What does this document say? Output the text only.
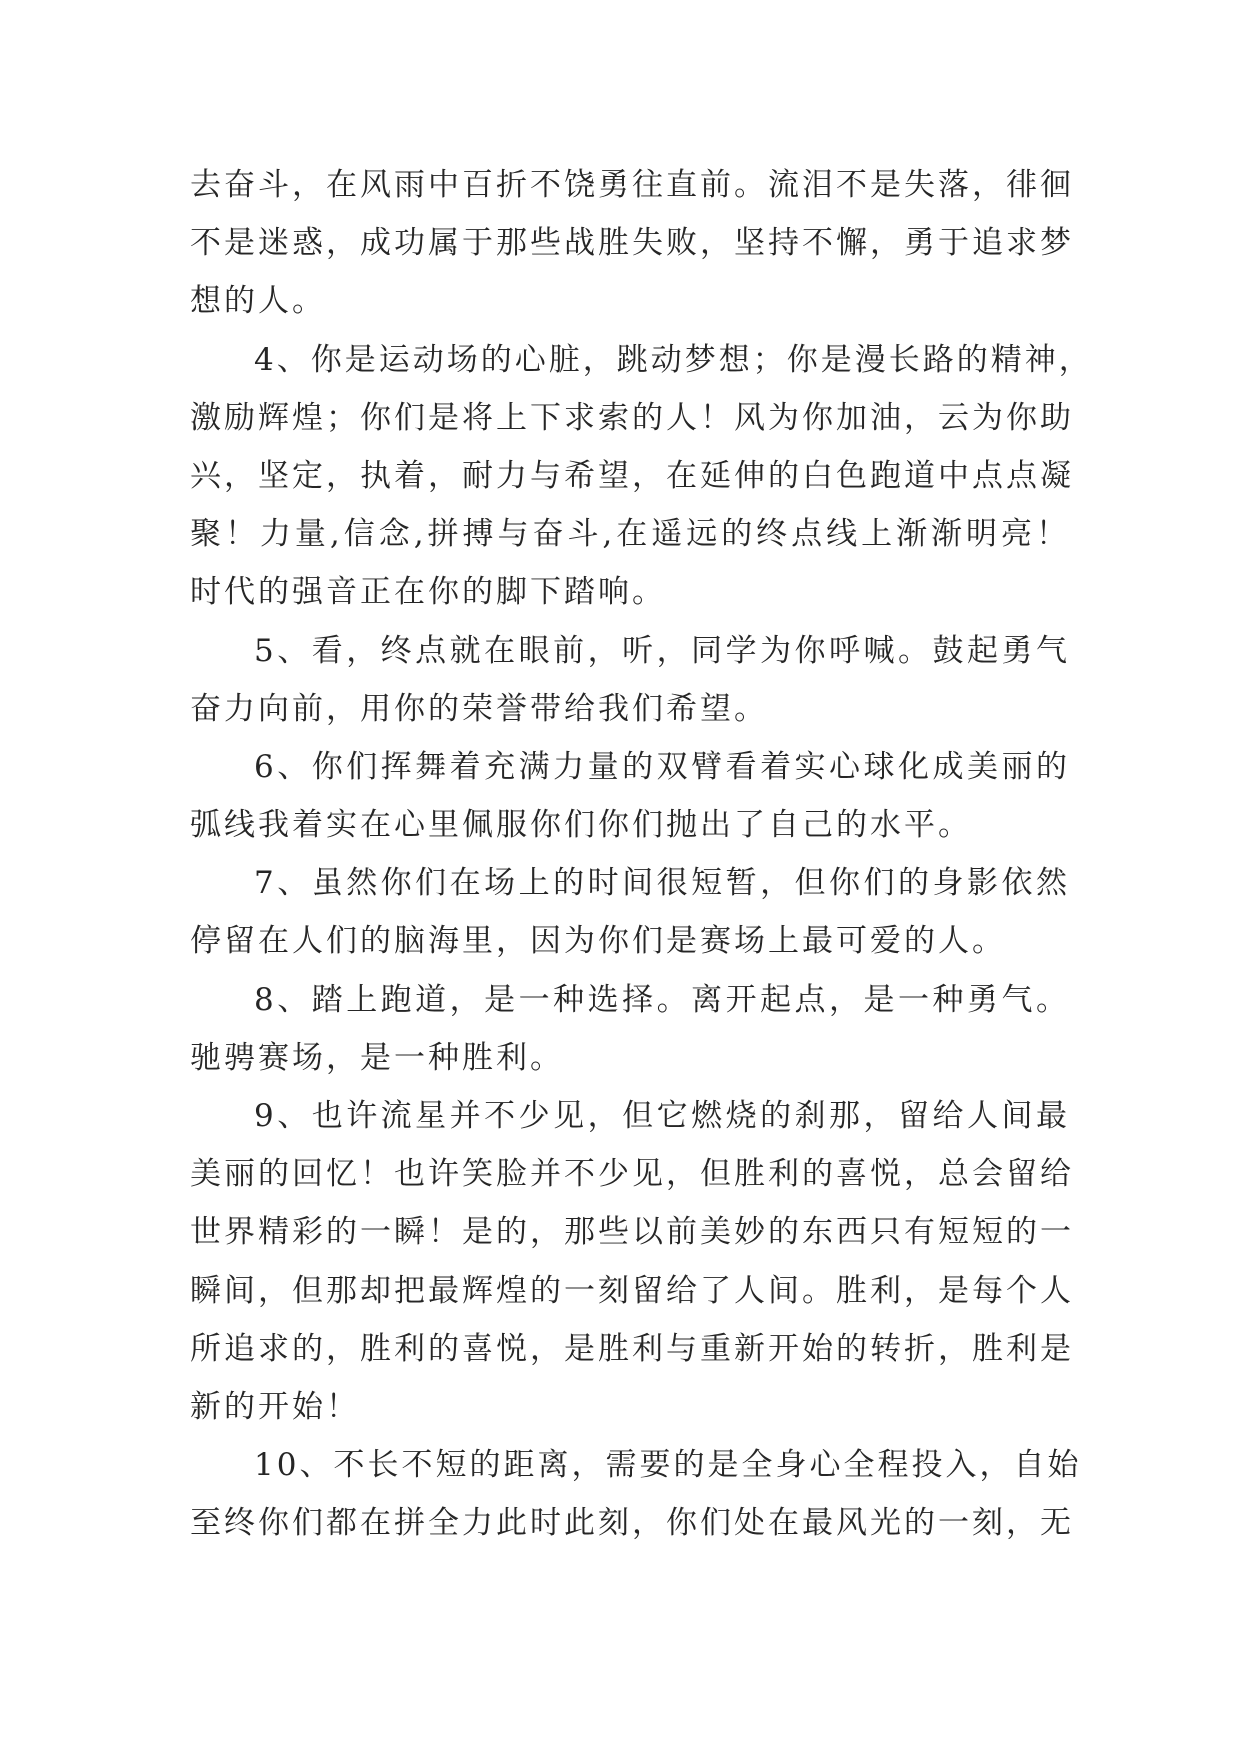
去奋斗，在风雨中百折不饶勇往直前。流泪不是失落，徘徊
不是迷惑，成功属于那些战胜失败，坚持不懈，勇于追求梦
想的人。
4、你是运动场的心脏，跳动梦想；你是漫长路的精神，
激励辉煌；你们是将上下求索的人！风为你加油，云为你助
兴，坚定，执着，耐力与希望，在延伸的白色跑道中点点凝
聚！力量,信念,拼搏与奋斗,在遥远的终点线上渐渐明亮！
时代的强音正在你的脚下踏响。
5、看，终点就在眼前，听，同学为你呼喊。鼓起勇气
奋力向前，用你的荣誉带给我们希望。
6、你们挥舞着充满力量的双臂看着实心球化成美丽的
弧线我着实在心里佩服你们你们抛出了自己的水平。
7、虽然你们在场上的时间很短暂，但你们的身影依然
停留在人们的脑海里，因为你们是赛场上最可爱的人。
8、踏上跑道，是一种选择。离开起点，是一种勇气。
驰骋赛场，是一种胜利。
9、也许流星并不少见，但它燃烧的刹那，留给人间最
美丽的回忆！也许笑脸并不少见，但胜利的喜悦，总会留给
世界精彩的一瞬！是的，那些以前美妙的东西只有短短的一
瞬间，但那却把最辉煌的一刻留给了人间。胜利，是每个人
所追求的，胜利的喜悦，是胜利与重新开始的转折，胜利是
新的开始！
10、不长不短的距离，需要的是全身心全程投入，自始
至终你们都在拼全力此时此刻，你们处在最风光的一刻，无
